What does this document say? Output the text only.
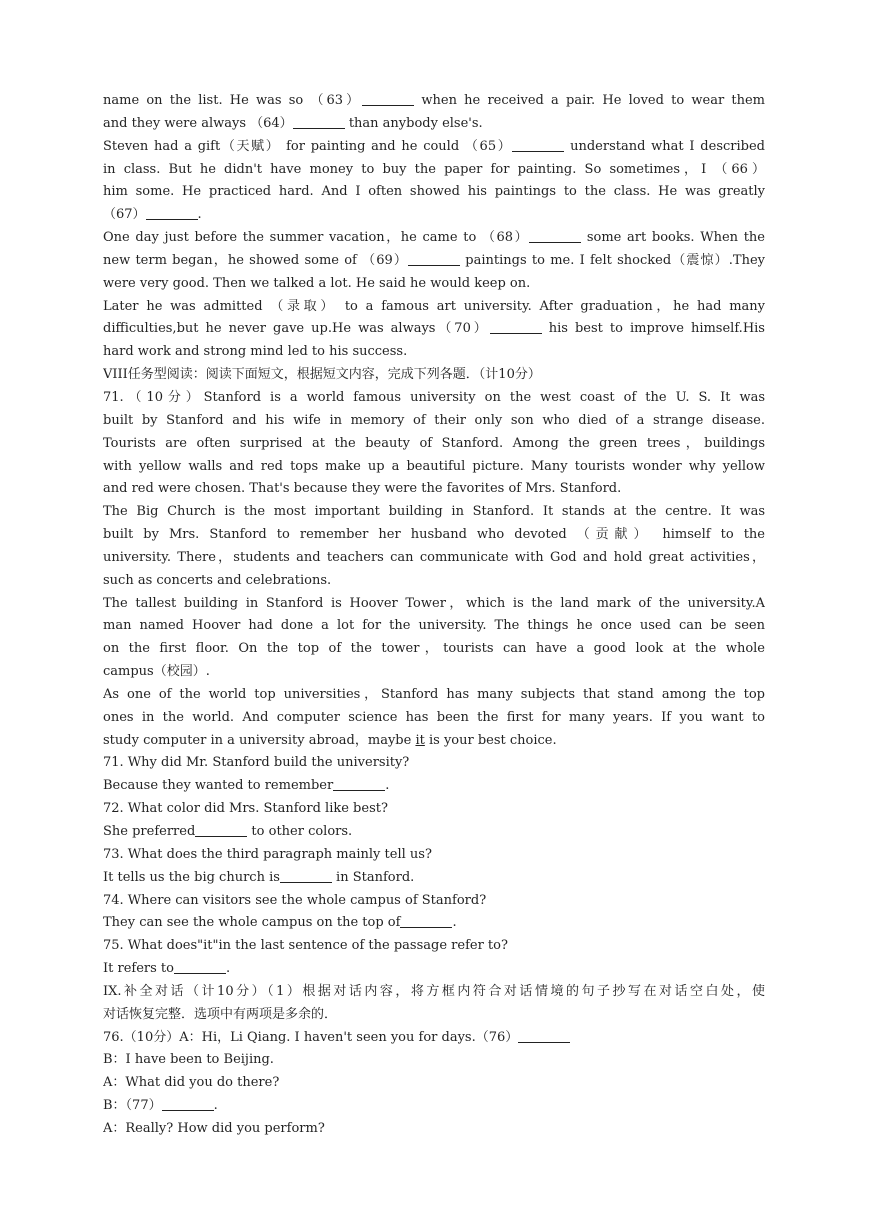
name on the list. He was so （63）	when he received a pair. He loved to wear them
and they were always （64）	than anybody else's.
Steven had a gift（天赋） for painting and he could （65）	understand what I described
in class. But he didn't have money to buy the paper for painting. So sometimes，I （66）
him some. He practiced hard. And I often showed his paintings to the class. He was greatly
（67）	.
One day just before the summer vacation，he came to （68）	some art books. When the
new term began，he showed some of （69）	paintings to me. I felt shocked（震惊）.They
were very good. Then we talked a lot. He said he would keep on.
Later he was admitted （录取） to a famous art university. After graduation，he had many
difficulties,but he never gave up.He was always（70）	his best to improve himself.His
hard work and strong mind led to his success.
VIII任务型阅读：阅读下面短文，根据短文内容，完成下列各题．（计10分）
71.（10分）Stanford is a world famous university on the west coast of the U. S. It was
built by Stanford and his wife in memory of their only son who died of a strange disease.
Tourists are often surprised at the beauty of Stanford. Among the green trees，buildings
with yellow walls and red tops make up a beautiful picture. Many tourists wonder why yellow
and red were chosen. That's because they were the favorites of Mrs. Stanford.
The Big Church is the most important building in Stanford. It stands at the centre. It was
built by Mrs. Stanford to remember her husband who devoted （贡献） himself to the
university. There，students and teachers can communicate with God and hold great activities，
such as concerts and celebrations.
The tallest building in Stanford is Hoover Tower，which is the land mark of the university.A
man named Hoover had done a lot for the university. The things he once used can be seen
on the first floor. On the top of the tower，tourists can have a good look at the whole
campus（校园）.
As one of the world top universities，Stanford has many subjects that stand among the top
ones in the world. And computer science has been the first for many years. If you want to
study computer in a university abroad，maybe it is your best choice.
71. Why did Mr. Stanford build the university?
Because they wanted to remember	.
72. What color did Mrs. Stanford like best?
She preferred	to other colors.
73. What does the third paragraph mainly tell us?
It tells us the big church is	in Stanford.
74. Where can visitors see the whole campus of Stanford?
They can see the whole campus on the top of	.
75. What does"it"in the last sentence of the passage refer to?
It refers to	.
IX.补全对话（计10分）（1）根据对话内容，将方框内符合对话情境的句子抄写在对话空白处，使
对话恢复完整．选项中有两项是多余的．
76.（10分）A：Hi，Li Qiang. I haven't seen you for days.（76）
B：I have been to Beijing.
A：What did you do there?
B：（77）	.
A：Really? How did you perform?
